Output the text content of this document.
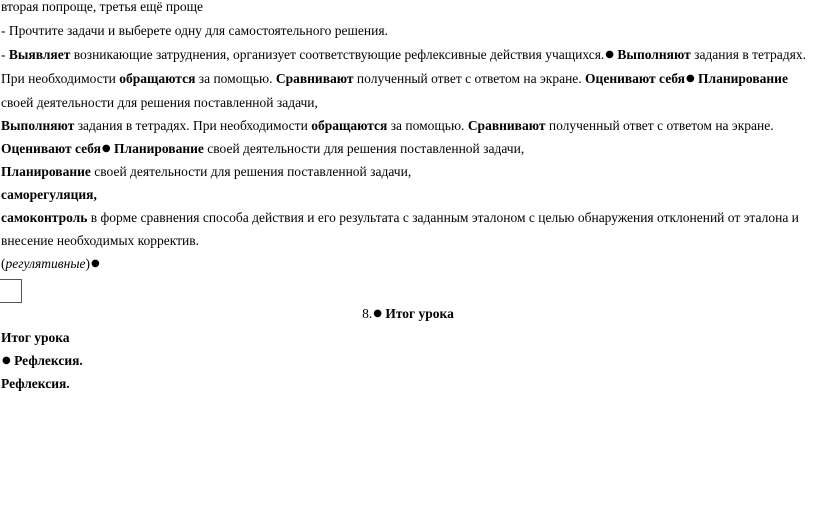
вторая попроще, третья ещё проще
- Прочтите задачи и выберете одну для самостоятельного решения.
- Выявляет возникающие затруднения, организует соответствующие рефлексивные действия учащихся.● Выполняют задания в тетрадях.
При необходимости обращаются за помощью. Сравнивают полученный ответ с ответом на экране. Оценивают себя● Планирование
своей деятельности для решения поставленной задачи,
Выполняют задания в тетрадях. При необходимости обращаются за помощью. Сравнивают полученный ответ с ответом на экране.
Оценивают себя● Планирование своей деятельности для решения поставленной задачи,
Планирование своей деятельности для решения поставленной задачи,
саморегуляция,
самоконтроль в форме сравнения способа действия и его результата с заданным эталоном с целью обнаружения отклонений от эталона и
внесение необходимых корректив.
(регулятивные)●
8.● Итог урока
Итог урока
● Рефлексия.
Рефлексия.
